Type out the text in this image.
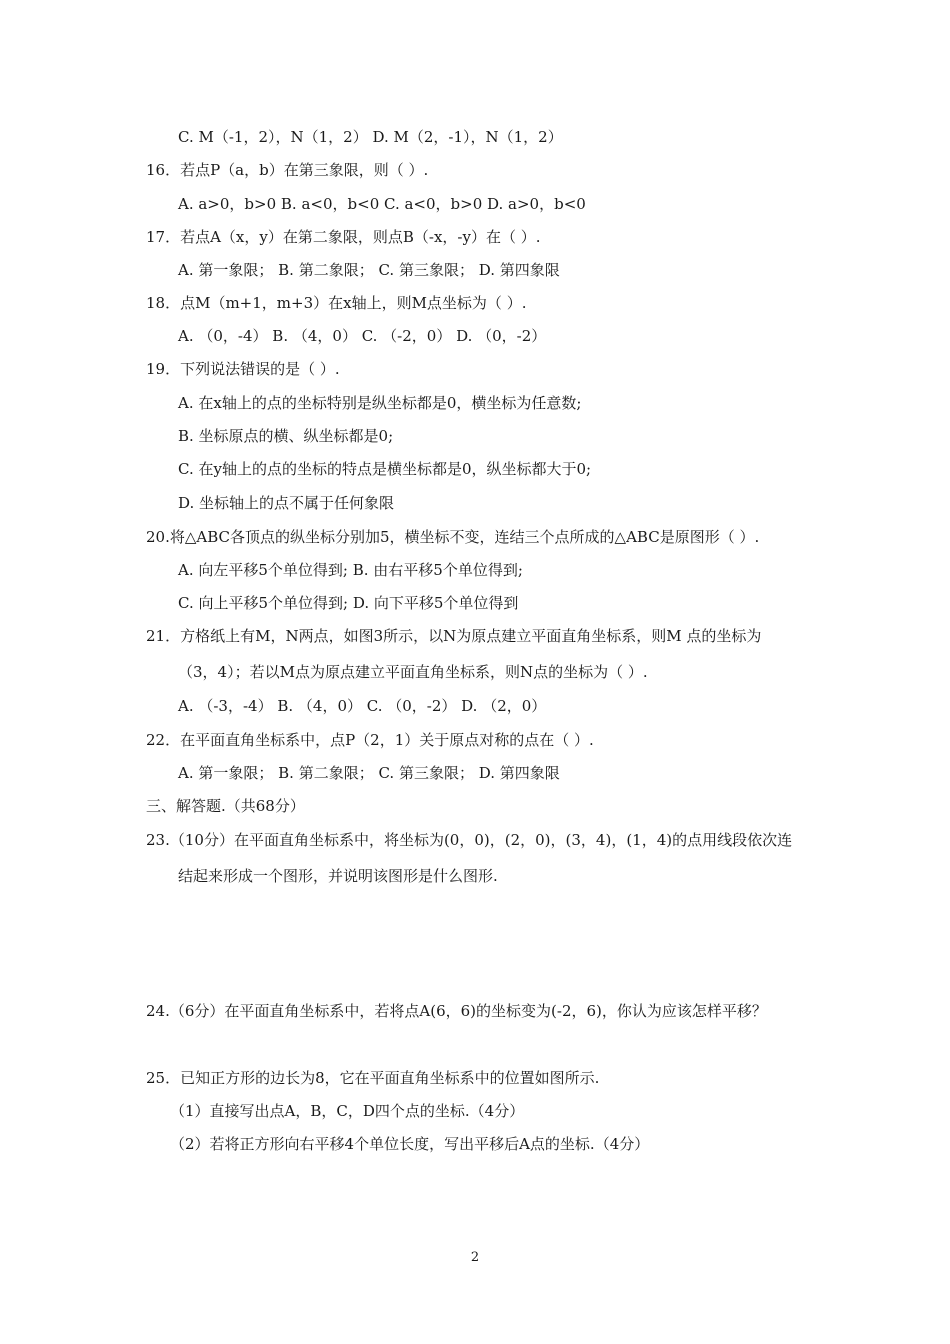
C. M（-1，2），N（1，2） D. M（2，-1），N（1，2）
16．若点P（a，b）在第三象限，则（ ）.
A. a>0，b>0 B. a<0，b<0 C. a<0，b>0 D. a>0，b<0
17．若点A（x，y）在第二象限，则点B（-x，-y）在（ ）.
A. 第一象限； B. 第二象限； C. 第三象限； D. 第四象限
18．点M（m+1，m+3）在x轴上，则M点坐标为（ ）.
A. （0，-4） B. （4，0） C. （-2，0） D. （0，-2）
19．下列说法错误的是（ ）.
A. 在x轴上的点的坐标特别是纵坐标都是0，横坐标为任意数;
B. 坐标原点的横、纵坐标都是0;
C. 在y轴上的点的坐标的特点是横坐标都是0，纵坐标都大于0;
D. 坐标轴上的点不属于任何象限
20.将△ABC各顶点的纵坐标分别加5，横坐标不变，连结三个点所成的△ABC是原图形（ ）.
A. 向左平移5个单位得到; B. 由右平移5个单位得到;
C. 向上平移5个单位得到; D. 向下平移5个单位得到
21．方格纸上有M，N两点，如图3所示，以N为原点建立平面直角坐标系，则M 点的坐标为
（3，4）；若以M点为原点建立平面直角坐标系，则N点的坐标为（ ）.
A. （-3，-4） B. （4，0） C. （0，-2） D. （2，0）
22．在平面直角坐标系中，点P（2，1）关于原点对称的点在（ ）.
A. 第一象限； B. 第二象限； C. 第三象限； D. 第四象限
三、解答题.（共68分）
23.（10分）在平面直角坐标系中，将坐标为(0，0)，(2，0)，(3，4)，(1，4)的点用线段依次连
结起来形成一个图形，并说明该图形是什么图形.
24.（6分）在平面直角坐标系中，若将点A(6，6)的坐标变为(-2，6)，你认为应该怎样平移？
25．已知正方形的边长为8，它在平面直角坐标系中的位置如图所示.
（1）直接写出点A，B，C，D四个点的坐标.（4分）
（2）若将正方形向右平移4个单位长度，写出平移后A点的坐标.（4分）
2
